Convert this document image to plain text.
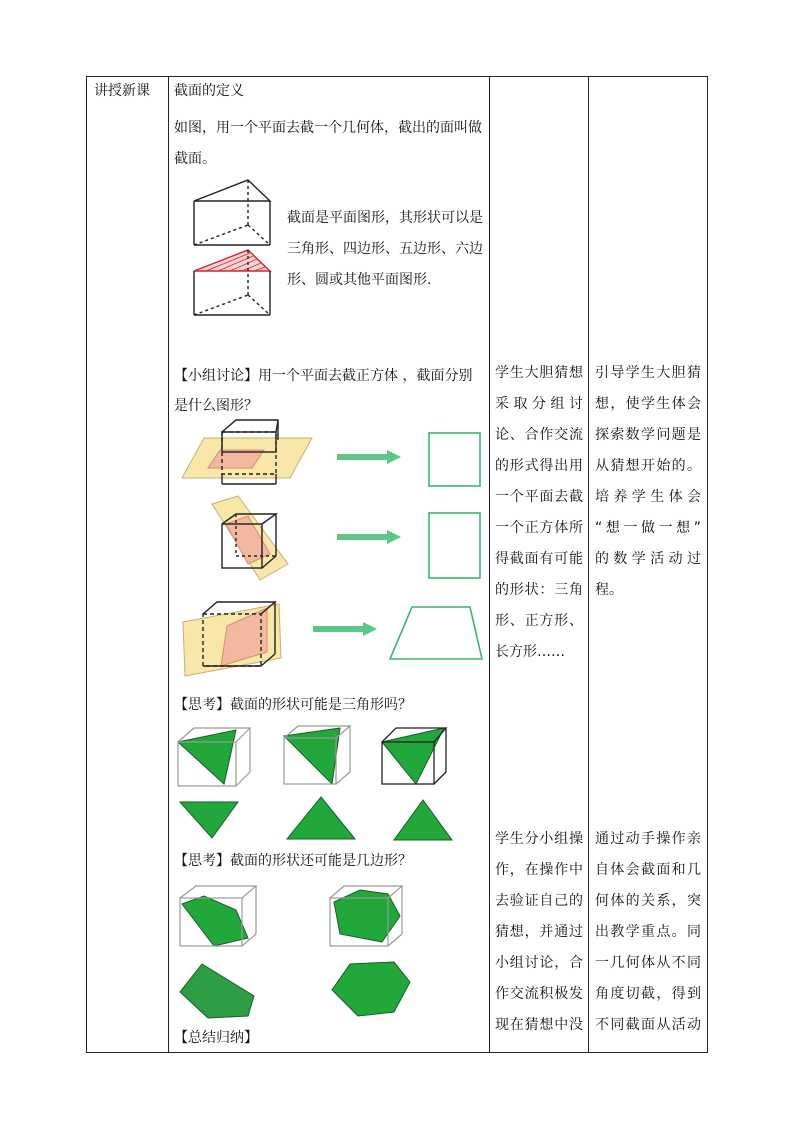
讲授新课 截面的定义
如图，用一个平面去截一个几何体，截出的面叫做
截面。
截面是平面图形，其形状可以是
三角形、四边形、五边形、六边
形、圆或其他平面图形.
【小组讨论】用一个平面去截正方体 ，截面分别
是什么图形？
【思考】截面的形状可能是三角形吗？
【思考】截面的形状还可能是几边形？
【总结归纳】
学生大胆猜想
采取分组讨
论、合作交流
的形式得出用
一个平面去截
一个正方体所
得截面有可能
的形状：三角
形、正方形、
长方形……
学生分小组操
作，在操作中
去验证自己的
猜想，并通过
小组讨论，合
作交流积极发
现在猜想中没
引导学生大胆猜
想，使学生体会
探索数学问题是
从猜想开始的。
培养学生体会
“想一做一想”
的数学活动过
程。
通过动手操作亲
自体会截面和几
何体的关系，突
出教学重点。同
一几何体从不同
角度切截，得到
不同截面从活动
